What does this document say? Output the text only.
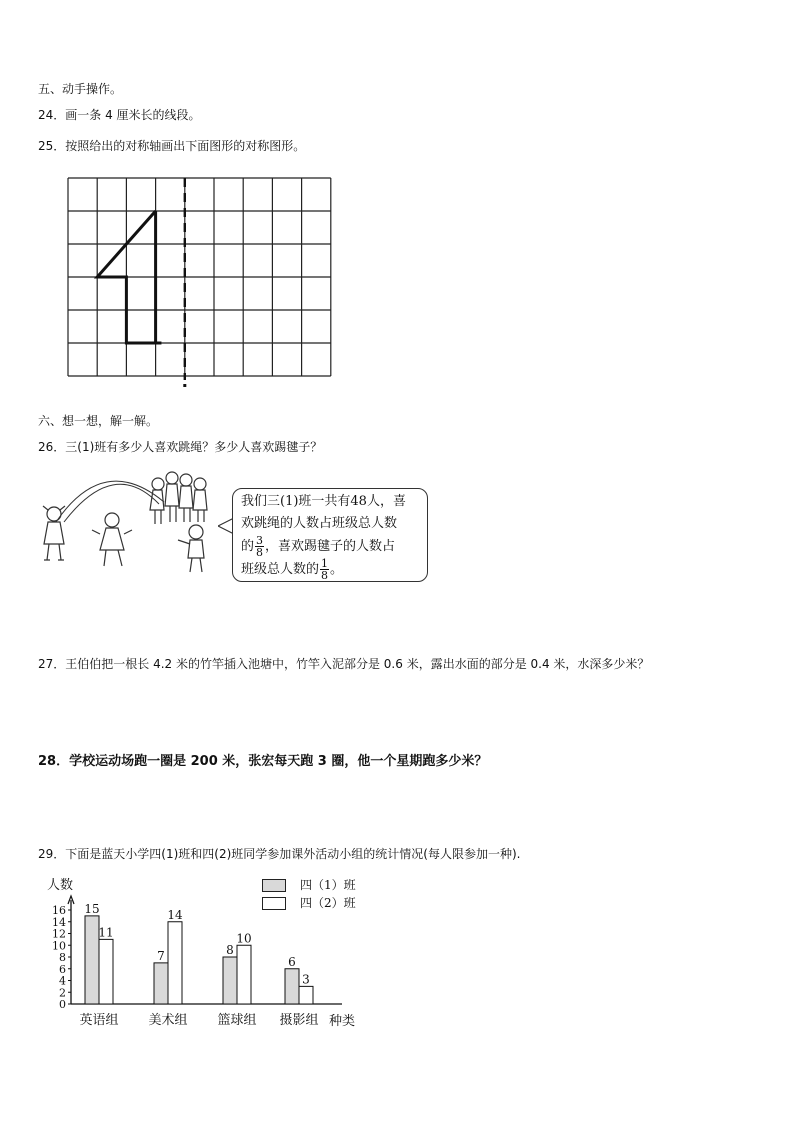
五、动手操作。
24．画一条 4 厘米长的线段。
25．按照给出的对称轴画出下面图形的对称图形。
六、想一想，解一解。
26．三(1)班有多少人喜欢跳绳？多少人喜欢踢毽子？
我们三(1)班一共有48人，喜
欢跳绳的人数占班级总人数
的 $\frac{3}{8}$ ，喜欢踢毽子的人数占
班级总人数的 $\frac{1}{8}$ 。
27．王伯伯把一根长 4.2 米的竹竿插入池塘中，竹竿入泥部分是 0.6 米，露出水面的部分是 0.4 米，水深多少米？
28．学校运动场跑一圈是 200 米，张宏每天跑 3 圈，他一个星期跑多少米？
29．下面是蓝天小学四(1)班和四(2)班同学参加课外活动小组的统计情况(每人限参加一种).
四（1）班
四（2）班
人数
种类
0
2
4
6
8
10
12
14
16 15
11
英语组
7
14
美术组
8
10
篮球组
6
3
摄影组
